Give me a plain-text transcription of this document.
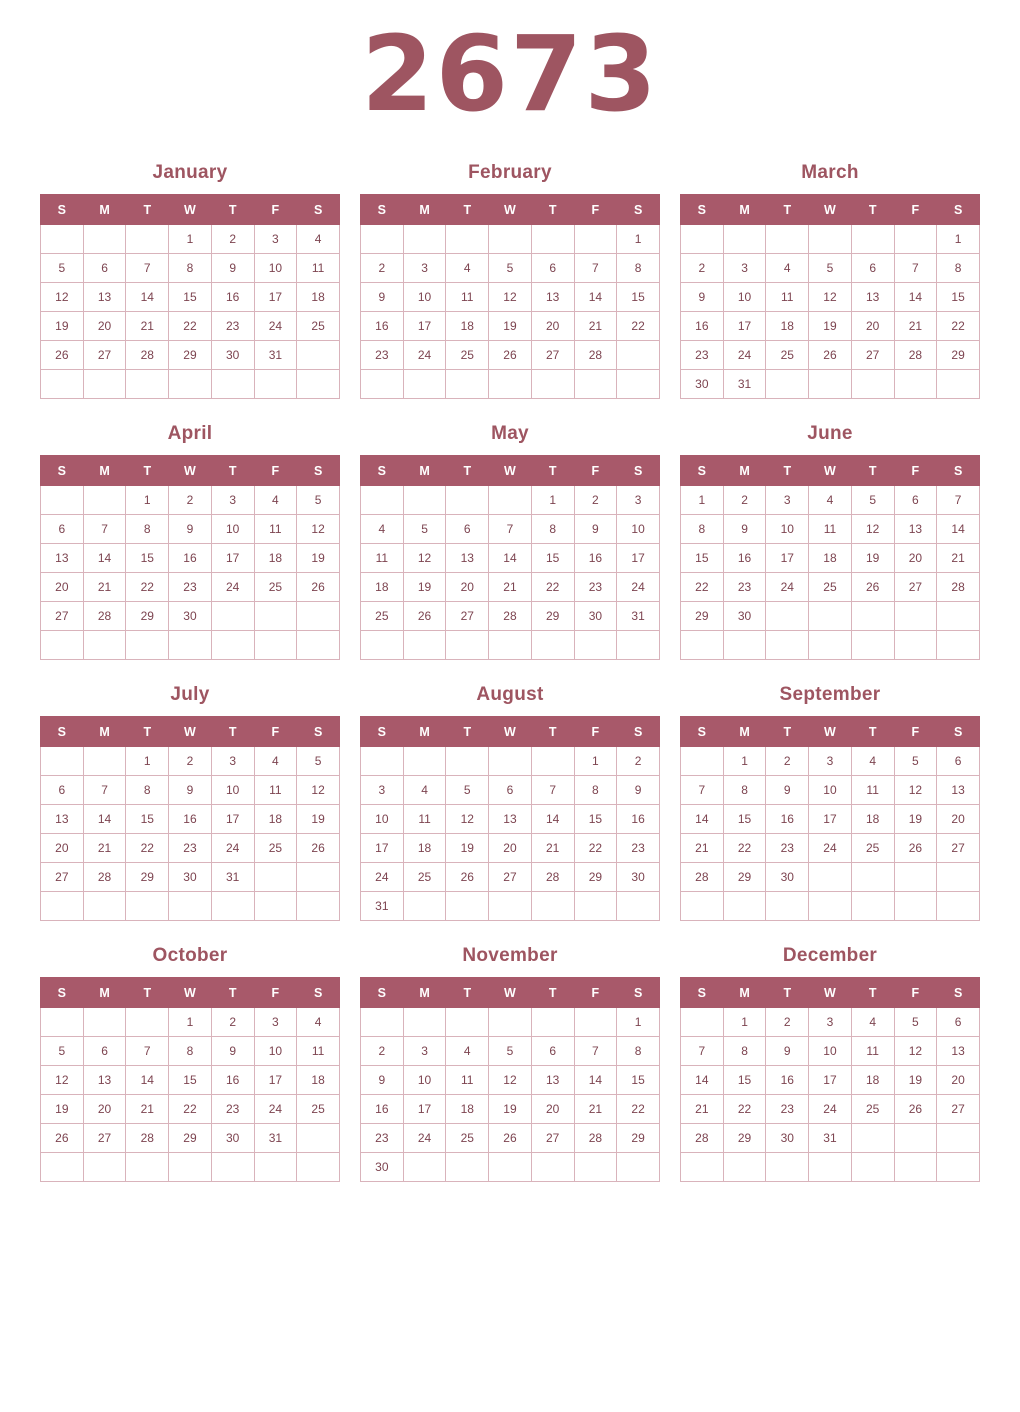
2673
January
S	M	T	W	T	F	S
			1	2	3	4
5	6	7	8	9	10	11
12	13	14	15	16	17	18
19	20	21	22	23	24	25
26	27	28	29	30	31	

February
S	M	T	W	T	F	S
						1
2	3	4	5	6	7	8
9	10	11	12	13	14	15
16	17	18	19	20	21	22
23	24	25	26	27	28	

March
S	M	T	W	T	F	S
						1
2	3	4	5	6	7	8
9	10	11	12	13	14	15
16	17	18	19	20	21	22
23	24	25	26	27	28	29
30	31					
April
S	M	T	W	T	F	S
		1	2	3	4	5
6	7	8	9	10	11	12
13	14	15	16	17	18	19
20	21	22	23	24	25	26
27	28	29	30			

May
S	M	T	W	T	F	S
				1	2	3
4	5	6	7	8	9	10
11	12	13	14	15	16	17
18	19	20	21	22	23	24
25	26	27	28	29	30	31

June
S	M	T	W	T	F	S
1	2	3	4	5	6	7
8	9	10	11	12	13	14
15	16	17	18	19	20	21
22	23	24	25	26	27	28
29	30					

July
S	M	T	W	T	F	S
		1	2	3	4	5
6	7	8	9	10	11	12
13	14	15	16	17	18	19
20	21	22	23	24	25	26
27	28	29	30	31		

August
S	M	T	W	T	F	S
					1	2
3	4	5	6	7	8	9
10	11	12	13	14	15	16
17	18	19	20	21	22	23
24	25	26	27	28	29	30
31						
September
S	M	T	W	T	F	S
	1	2	3	4	5	6
7	8	9	10	11	12	13
14	15	16	17	18	19	20
21	22	23	24	25	26	27
28	29	30				

October
S	M	T	W	T	F	S
			1	2	3	4
5	6	7	8	9	10	11
12	13	14	15	16	17	18
19	20	21	22	23	24	25
26	27	28	29	30	31	

November
S	M	T	W	T	F	S
						1
2	3	4	5	6	7	8
9	10	11	12	13	14	15
16	17	18	19	20	21	22
23	24	25	26	27	28	29
30						
December
S	M	T	W	T	F	S
	1	2	3	4	5	6
7	8	9	10	11	12	13
14	15	16	17	18	19	20
21	22	23	24	25	26	27
28	29	30	31			
